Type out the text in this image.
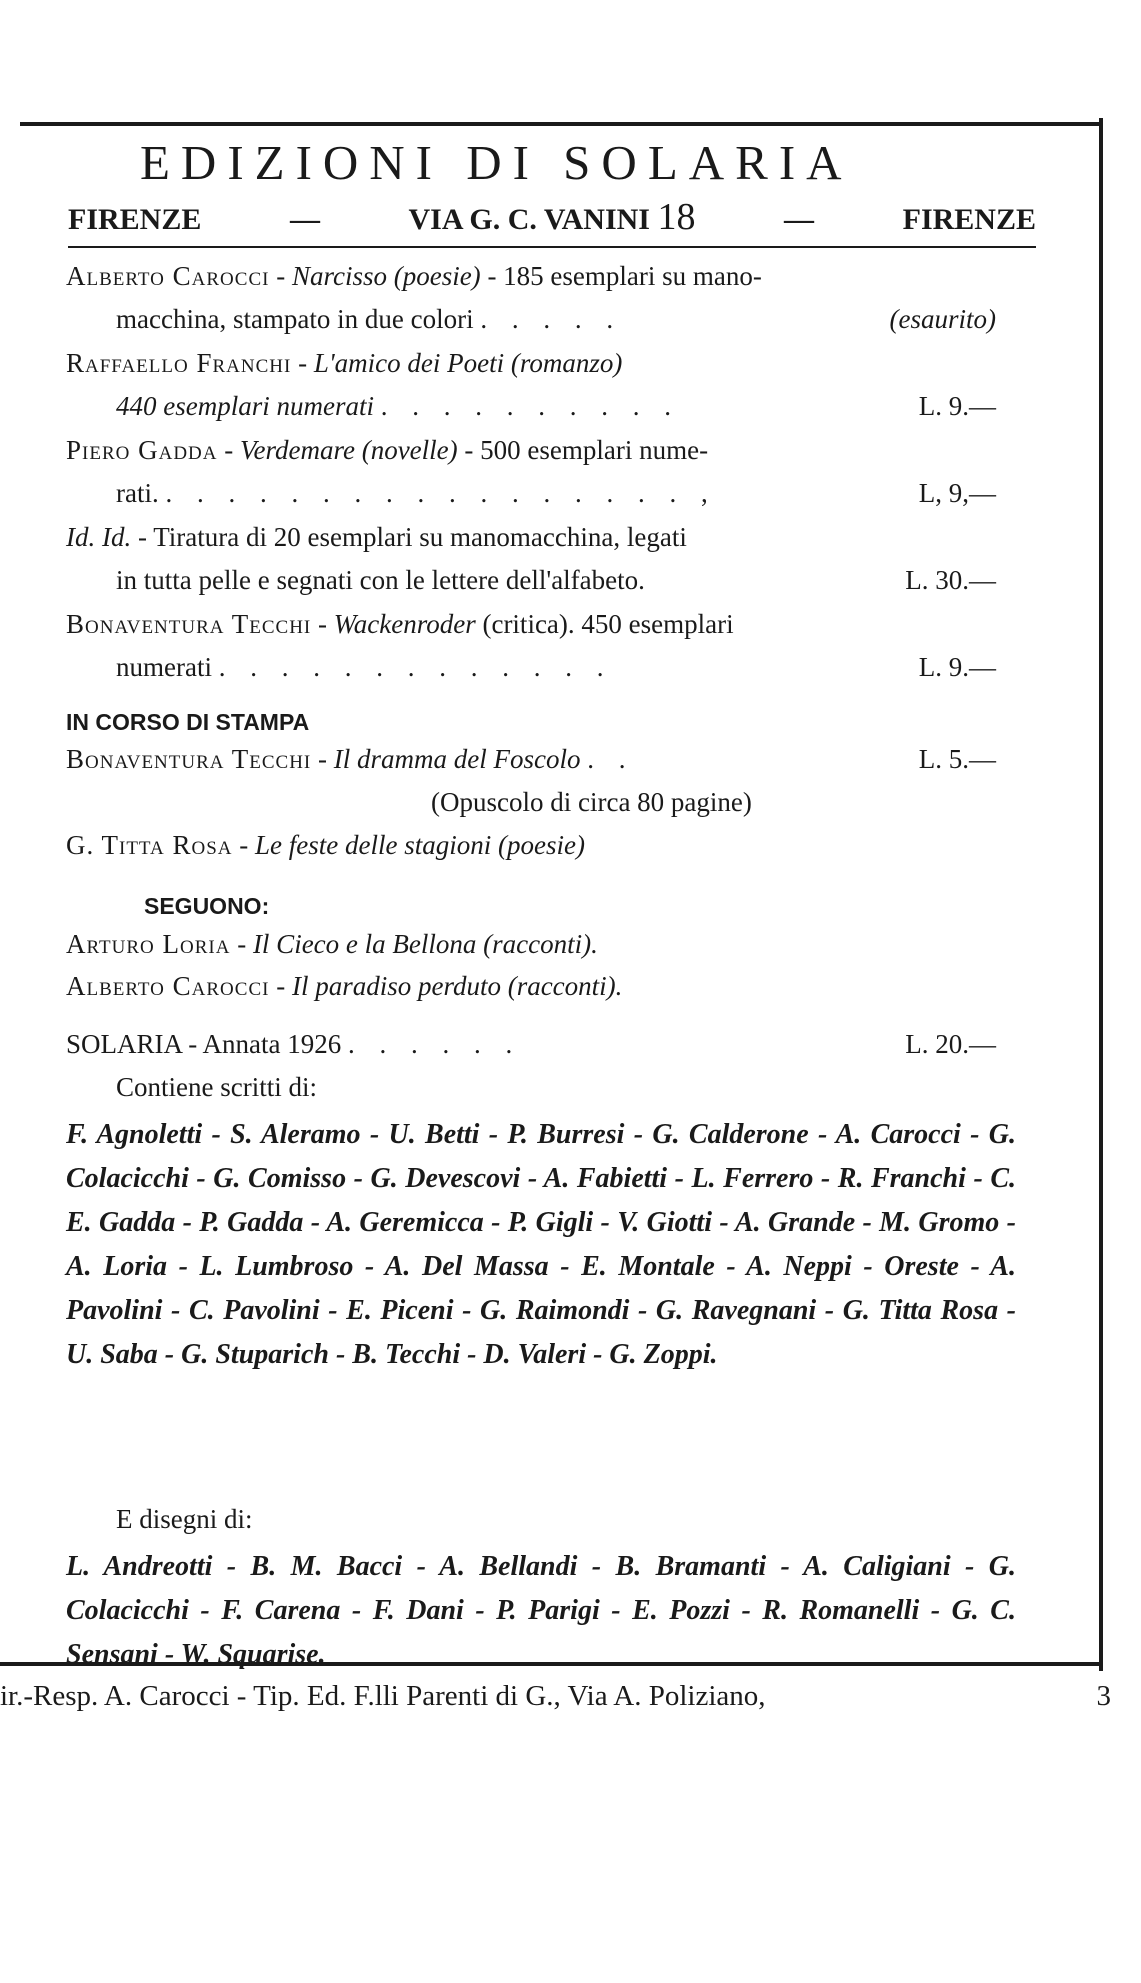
EDIZIONI DI SOLARIA
FIRENZE	—	VIA G. C. VANINI 18	—	FIRENZE
Alberto Carocci - Narcisso (poesie) - 185 esemplari su mano-
macchina, stampato in due colori . . . . .	(esaurito)
Raffaello Franchi - L'amico dei Poeti (romanzo)
440 esemplari numerati . . . . . . . . . .	L. 9.—
Piero Gadda - Verdemare (novelle) - 500 esemplari nume-
rati. . . . . . . . . . . . . . . . . . ,	L, 9,—
Id. Id. - Tiratura di 20 esemplari su manomacchina, legati
in tutta pelle e segnati con le lettere dell'alfabeto.	L. 30.—
Bonaventura Tecchi - Wackenroder (critica). 450 esemplari
numerati . . . . . . . . . . . . .	L. 9.—
IN CORSO DI STAMPA
Bonaventura Tecchi - Il dramma del Foscolo . .	L. 5.—
(Opuscolo di circa 80 pagine)
G. Titta Rosa - Le feste delle stagioni (poesie)
SEGUONO:
Arturo Loria - Il Cieco e la Bellona (racconti).
Alberto Carocci - Il paradiso perduto (racconti).
SOLARIA - Annata 1926 . . . . . .	L. 20.—
Contiene scritti di:
F. Agnoletti - S. Aleramo - U. Betti - P. Burresi - G. Calderone - A. Carocci - G. Colacicchi - G. Comisso - G. Devescovi - A. Fabietti - L. Ferrero - R. Franchi - C. E. Gadda - P. Gadda - A. Geremicca - P. Gigli - V. Giotti - A. Grande - M. Gromo - A. Loria - L. Lumbroso - A. Del Massa - E. Montale - A. Neppi - Oreste - A. Pavolini - C. Pavolini - E. Piceni - G. Raimondi - G. Ravegnani - G. Titta Rosa - U. Saba - G. Stuparich - B. Tecchi - D. Valeri - G. Zoppi.
E disegni di:
L. Andreotti - B. M. Bacci - A. Bellandi - B. Bramanti - A. Caligiani - G. Colacicchi - F. Carena - F. Dani - P. Parigi - E. Pozzi - R. Romanelli - G. C. Sensani - W. Squarise.
ir.-Resp. A. Carocci - Tip. Ed. F.lli Parenti di G., Via A. Poliziano,	3
